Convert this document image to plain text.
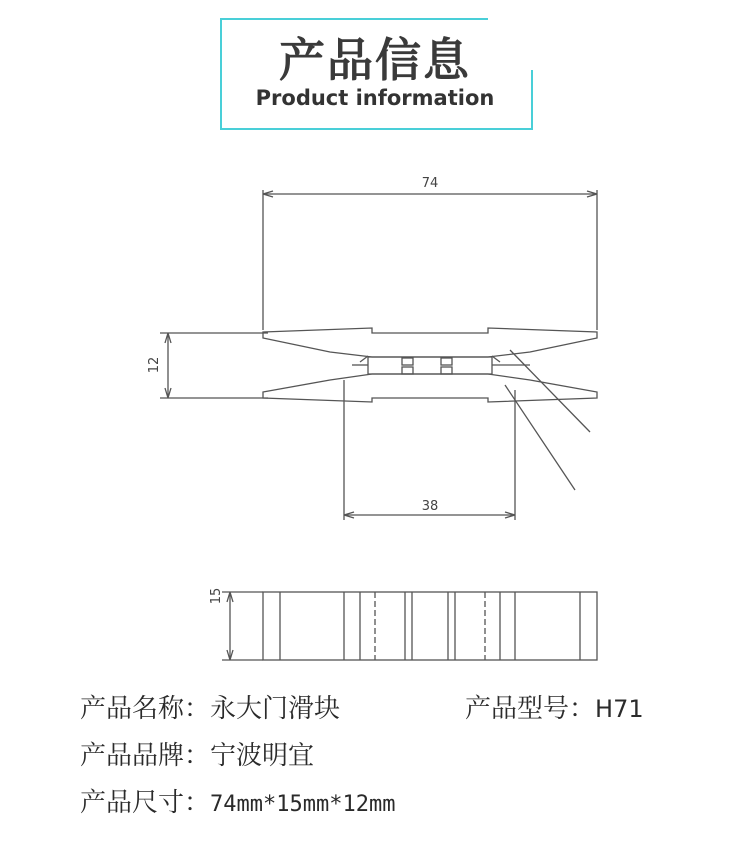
产品信息
Product information
74
12
38
15
产品名称：永大门滑块	产品型号：H71
产品品牌：宁波明宜
产品尺寸：74mm*15mm*12mm
